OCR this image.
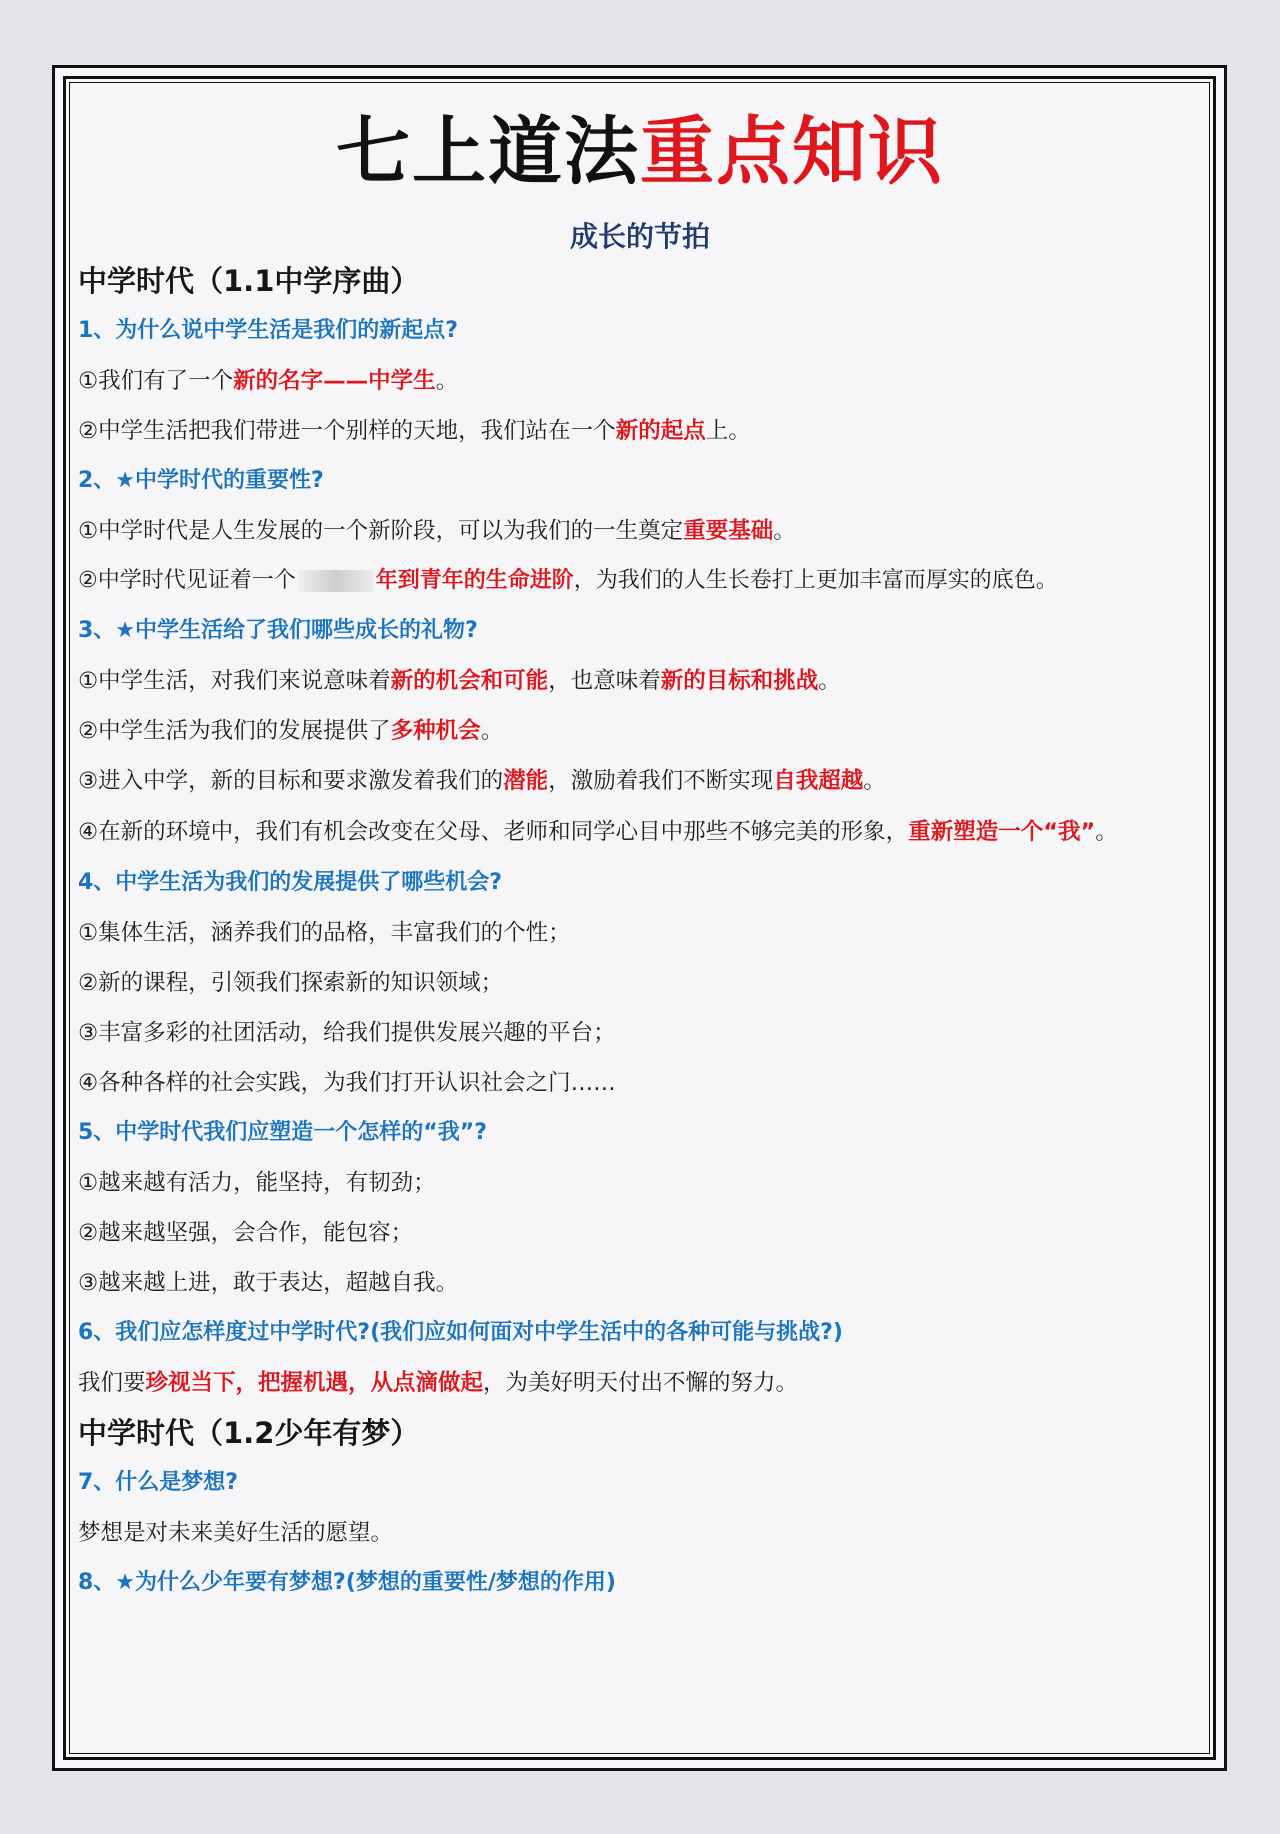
七上道法重点知识
成长的节拍
中学时代（1.1中学序曲）
1、为什么说中学生活是我们的新起点?
①我们有了一个新的名字——中学生。
②中学生活把我们带进一个别样的天地，我们站在一个新的起点上。
2、★中学时代的重要性?
①中学时代是人生发展的一个新阶段，可以为我们的一生奠定重要基础。
②中学时代见证着一个	年到青年的生命进阶，为我们的人生长卷打上更加丰富而厚实的底色。
3、★中学生活给了我们哪些成长的礼物?
①中学生活，对我们来说意味着新的机会和可能，也意味着新的目标和挑战。
②中学生活为我们的发展提供了多种机会。
③进入中学，新的目标和要求激发着我们的潜能，激励着我们不断实现自我超越。
④在新的环境中，我们有机会改变在父母、老师和同学心目中那些不够完美的形象，重新塑造一个“我”。
4、中学生活为我们的发展提供了哪些机会?
①集体生活，涵养我们的品格，丰富我们的个性；
②新的课程，引领我们探索新的知识领域；
③丰富多彩的社团活动，给我们提供发展兴趣的平台；
④各种各样的社会实践，为我们打开认识社会之门……
5、中学时代我们应塑造一个怎样的“我”?
①越来越有活力，能坚持，有韧劲；
②越来越坚强，会合作，能包容；
③越来越上进，敢于表达，超越自我。
6、我们应怎样度过中学时代?(我们应如何面对中学生活中的各种可能与挑战?)
我们要珍视当下，把握机遇，从点滴做起，为美好明天付出不懈的努力。
中学时代（1.2少年有梦）
7、什么是梦想?
梦想是对未来美好生活的愿望。
8、★为什么少年要有梦想?(梦想的重要性/梦想的作用)
